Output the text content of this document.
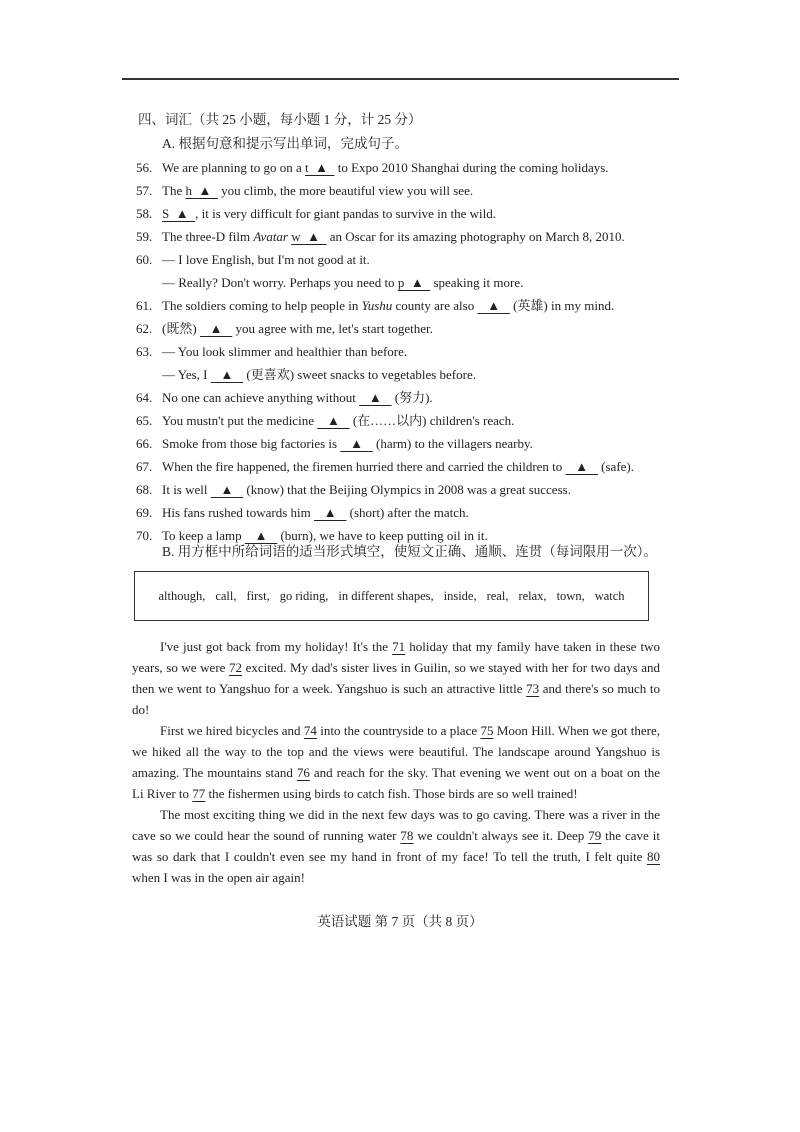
四、词汇（共 25 小题，每小题 1 分，计 25 分）
A. 根据句意和提示写出单词，完成句子。
56. We are planning to go on a t  ▲ to Expo 2010 Shanghai during the coming holidays.
57. The h  ▲ you climb, the more beautiful view you will see.
58. S  ▲ , it is very difficult for giant pandas to survive in the wild.
59. The three-D film Avatar
w  ▲ an Oscar for its amazing photography on March 8, 2010.
60. — I love English, but I'm not good at it.
— Really? Don't worry. Perhaps you need to p  ▲ speaking it more.
61. The soldiers coming to help people in Yushu county are also ▲ (英雄) in my mind.
62. (既然) ▲ you agree with me, let's start together.
63. — You look slimmer and healthier than before.
— Yes, I ▲ (更喜欢) sweet snacks to vegetables before.
64. No one can achieve anything without ▲ (努力).
65. You mustn't put the medicine ▲ (在……以内) children's reach.
66. Smoke from those big factories is ▲ (harm) to the villagers nearby.
67. When the fire happened, the firemen hurried there and carried the children to ▲ (safe).
68. It is well ▲ (know) that the Beijing Olympics in 2008 was a great success.
69. His fans rushed towards him ▲ (short) after the match.
70. To keep a lamp ▲ (burn), we have to keep putting oil in it.
B. 用方框中所给词语的适当形式填空，使短文正确、通顺、连贯（每词限用一次）。
although, call, first, go riding, in different shapes, inside, real, relax, town, watch

I've just got back from my holiday! It's the 71 holiday that my family have taken in these two years, so we were 72 excited. My dad's sister lives in Guilin, so we stayed with her for two days and then we went to Yangshuo for a week. Yangshuo is such an attractive little 73 and there's so much to do!

First we hired bicycles and 74 into the countryside to a place 75 Moon Hill. When we got there, we hiked all the way to the top and the views were beautiful. The landscape around Yangshuo is amazing. The mountains stand 76 and reach for the sky. That evening we went out on a boat on the Li River to 77 the fishermen using birds to catch fish. Those birds are so well trained!

The most exciting thing we did in the next few days was to go caving. There was a river in the cave so we could hear the sound of running water 78 we couldn't always see it. Deep 79 the cave it was so dark that I couldn't even see my hand in front of my face! To tell the truth, I felt quite 80 when I was in the open air again!

英语试题 第 7 页（共 8 页）
